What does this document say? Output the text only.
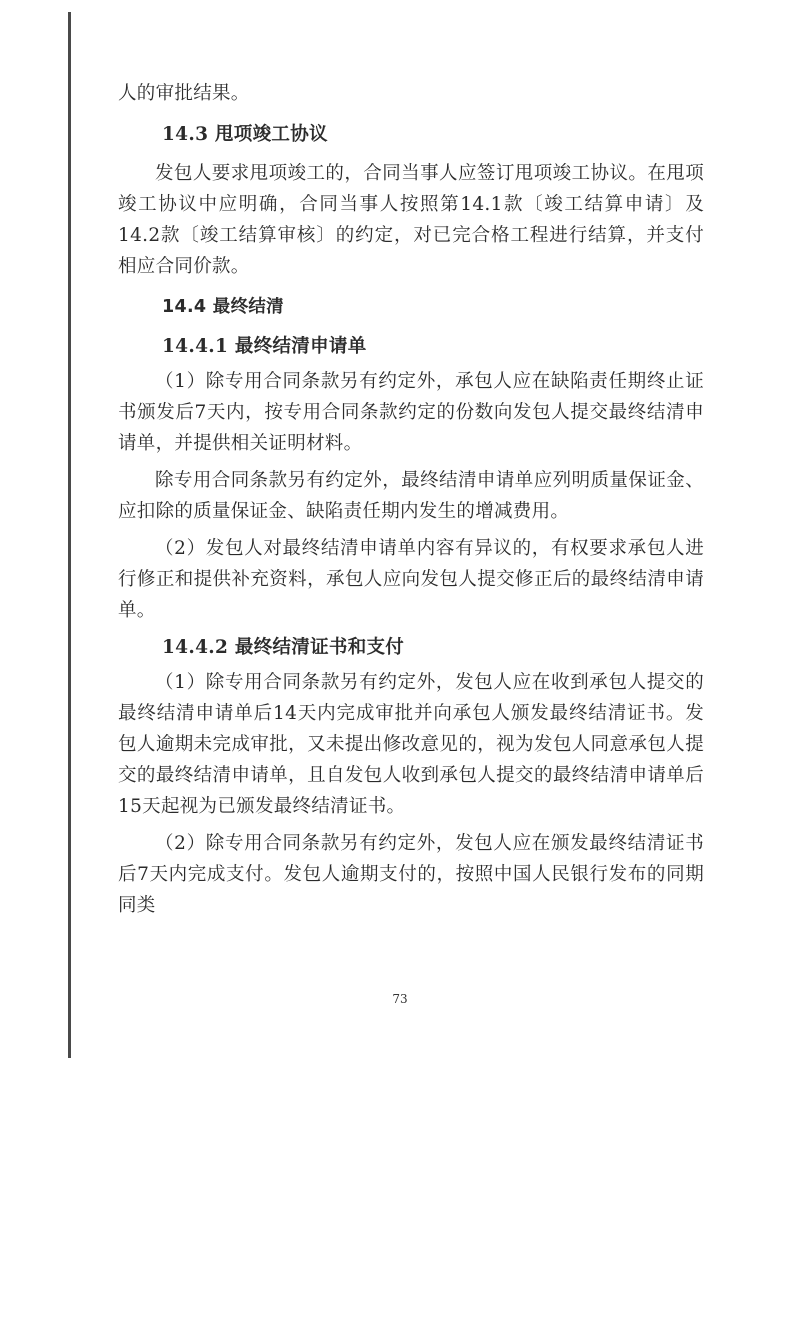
人的审批结果。

14.3 甩项竣工协议

发包人要求甩项竣工的，合同当事人应签订甩项竣工协议。在甩项竣工协议中应明确，合同当事人按照第14.1款〔竣工结算申请〕及14.2款〔竣工结算审核〕的约定，对已完合格工程进行结算，并支付相应合同价款。

14.4 最终结清
14.4.1 最终结清申请单

（1）除专用合同条款另有约定外，承包人应在缺陷责任期终止证书颁发后7天内，按专用合同条款约定的份数向发包人提交最终结清申请单，并提供相关证明材料。

除专用合同条款另有约定外，最终结清申请单应列明质量保证金、应扣除的质量保证金、缺陷责任期内发生的增减费用。

（2）发包人对最终结清申请单内容有异议的，有权要求承包人进行修正和提供补充资料，承包人应向发包人提交修正后的最终结清申请单。

14.4.2 最终结清证书和支付

（1）除专用合同条款另有约定外，发包人应在收到承包人提交的最终结清申请单后14天内完成审批并向承包人颁发最终结清证书。发包人逾期未完成审批，又未提出修改意见的，视为发包人同意承包人提交的最终结清申请单，且自发包人收到承包人提交的最终结清申请单后15天起视为已颁发最终结清证书。

（2）除专用合同条款另有约定外，发包人应在颁发最终结清证书后7天内完成支付。发包人逾期支付的，按照中国人民银行发布的同期同类

73
